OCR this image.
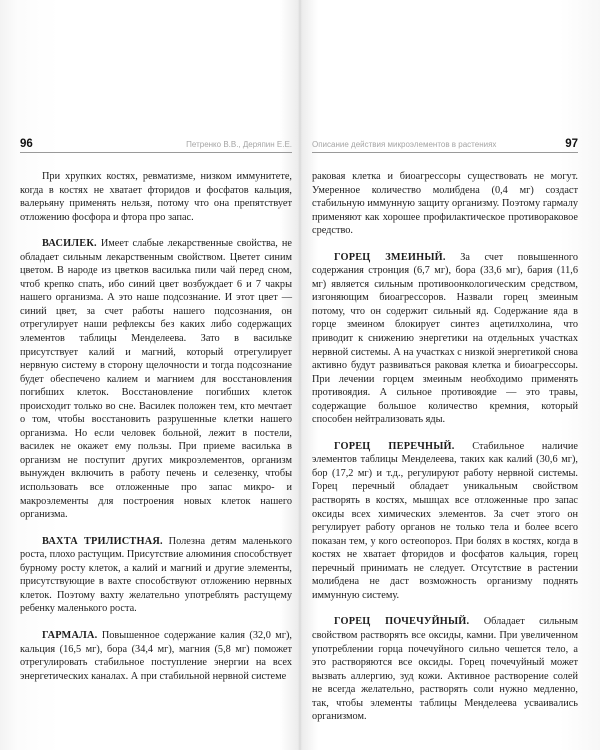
96	Петренко В.В., Деряпин Е.Е.

При хрупких костях, ревматизме, низком иммунитете, когда в костях не хватает фторидов и фосфатов кальция, валерьяну применять нельзя, потому что она препятствует отложению фосфора и фтора про запас.

ВАСИЛЕК. Имеет слабые лекарственные свойства, не обладает сильным лекарственным свойством. Цветет синим цветом. В народе из цветков василька пили чай перед сном, чтоб крепко спать, ибо синий цвет возбуждает 6 и 7 чакры нашего организма. А это наше подсознание. И этот цвет — синий цвет, за счет работы нашего подсознания, он отрегулирует наши рефлексы без каких либо содержащих элементов таблицы Менделеева. Зато в васильке присутствует калий и магний, который отрегулирует нервную систему в сторону щелочности и тогда подсознание будет обеспечено калием и магнием для восстановления погибших клеток. Восстановление погибших клеток происходит только во сне. Василек положен тем, кто мечтает о том, чтобы восстановить разрушенные клетки нашего организма. Но если человек больной, лежит в постели, василек не окажет ему пользы. При приеме василька в организм не поступит других микроэлементов, организм вынужден включить в работу печень и селезенку, чтобы использовать все отложенные про запас микро- и макроэлементы для построения новых клеток нашего организма.

ВАХТА ТРИЛИСТНАЯ. Полезна детям маленького роста, плохо растущим. Присутствие алюминия способствует бурному росту клеток, а калий и магний и другие элементы, присутствующие в вахте способствуют отложению нервных клеток. Поэтому вахту желательно употреблять растущему ребенку маленького роста.

ГАРМАЛА. Повышенное содержание калия (32,0 мг), кальция (16,5 мг), бора (34,4 мг), магния (5,8 мг) поможет отрегулировать стабильное поступление энергии на всех энергетических каналах. А при стабильной нервной системе

Описание действия микроэлементов в растениях	97

раковая клетка и биоагрессоры существовать не могут. Умеренное количество молибдена (0,4 мг) создаст стабильную иммунную защиту организму. Поэтому гармалу применяют как хорошее профилактическое противораковое средство.

ГОРЕЦ ЗМЕИНЫЙ. За счет повышенного содержания стронция (6,7 мг), бора (33,6 мг), бария (11,6 мг) является сильным противоонкологическим средством, изгоняющим биоагрессоров. Назвали горец змеиным потому, что он содержит сильный яд. Содержание яда в горце змеином блокирует синтез ацетилхолина, что приводит к снижению энергетики на отдельных участках нервной системы. А на участках с низкой энергетикой снова активно будут развиваться раковая клетка и биоагрессоры. При лечении горцем змеиным необходимо применять противоядия. А сильное противоядие — это травы, содержащие большое количество кремния, который способен нейтрализовать яды.

ГОРЕЦ ПЕРЕЧНЫЙ. Стабильное наличие элементов таблицы Менделеева, таких как калий (30,6 мг), бор (17,2 мг) и т.д., регулируют работу нервной системы. Горец перечный обладает уникальным свойством растворять в костях, мышцах все отложенные про запас оксиды всех химических элементов. За счет этого он регулирует работу органов не только тела и более всего показан тем, у кого остеопороз. При болях в костях, когда в костях не хватает фторидов и фосфатов кальция, горец перечный принимать не следует. Отсутствие в растении молибдена не даст возможность организму поднять иммунную систему.

ГОРЕЦ ПОЧЕЧУЙНЫЙ. Обладает сильным свойством растворять все оксиды, камни. При увеличенном употреблении горца почечуйного сильно чешется тело, а это растворяются все оксиды. Горец почечуйный может вызвать аллергию, зуд кожи. Активное растворение солей не всегда желательно, растворять соли нужно медленно, так, чтобы элементы таблицы Менделеева усваивались организмом.
